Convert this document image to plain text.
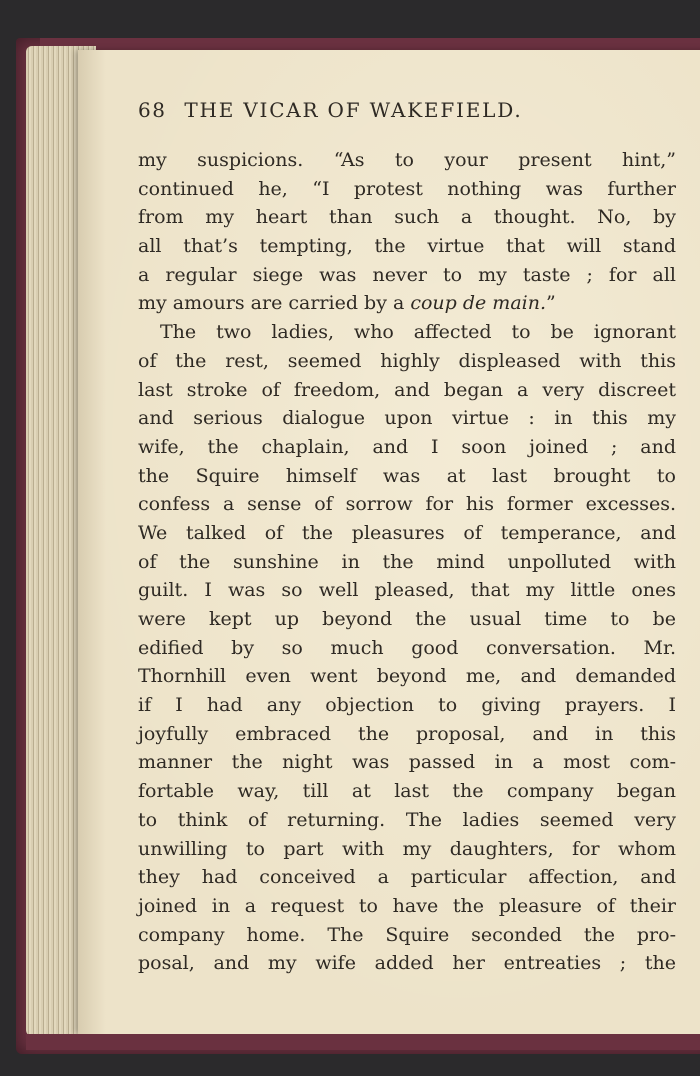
68 THE VICAR OF WAKEFIELD.
my suspicions. “As to your present hint,”
continued he, “I protest nothing was further
from my heart than such a thought. No, by
all that’s tempting, the virtue that will stand
a regular siege was never to my taste ; for all
my amours are carried by a coup de main.”
The two ladies, who affected to be ignorant
of the rest, seemed highly displeased with this
last stroke of freedom, and began a very discreet
and serious dialogue upon virtue : in this my
wife, the chaplain, and I soon joined ; and
the Squire himself was at last brought to
confess a sense of sorrow for his former excesses.
We talked of the pleasures of temperance, and
of the sunshine in the mind unpolluted with
guilt. I was so well pleased, that my little ones
were kept up beyond the usual time to be
edified by so much good conversation. Mr.
Thornhill even went beyond me, and demanded
if I had any objection to giving prayers. I
joyfully embraced the proposal, and in this
manner the night was passed in a most com-
fortable way, till at last the company began
to think of returning. The ladies seemed very
unwilling to part with my daughters, for whom
they had conceived a particular affection, and
joined in a request to have the pleasure of their
company home. The Squire seconded the pro-
posal, and my wife added her entreaties ; the
